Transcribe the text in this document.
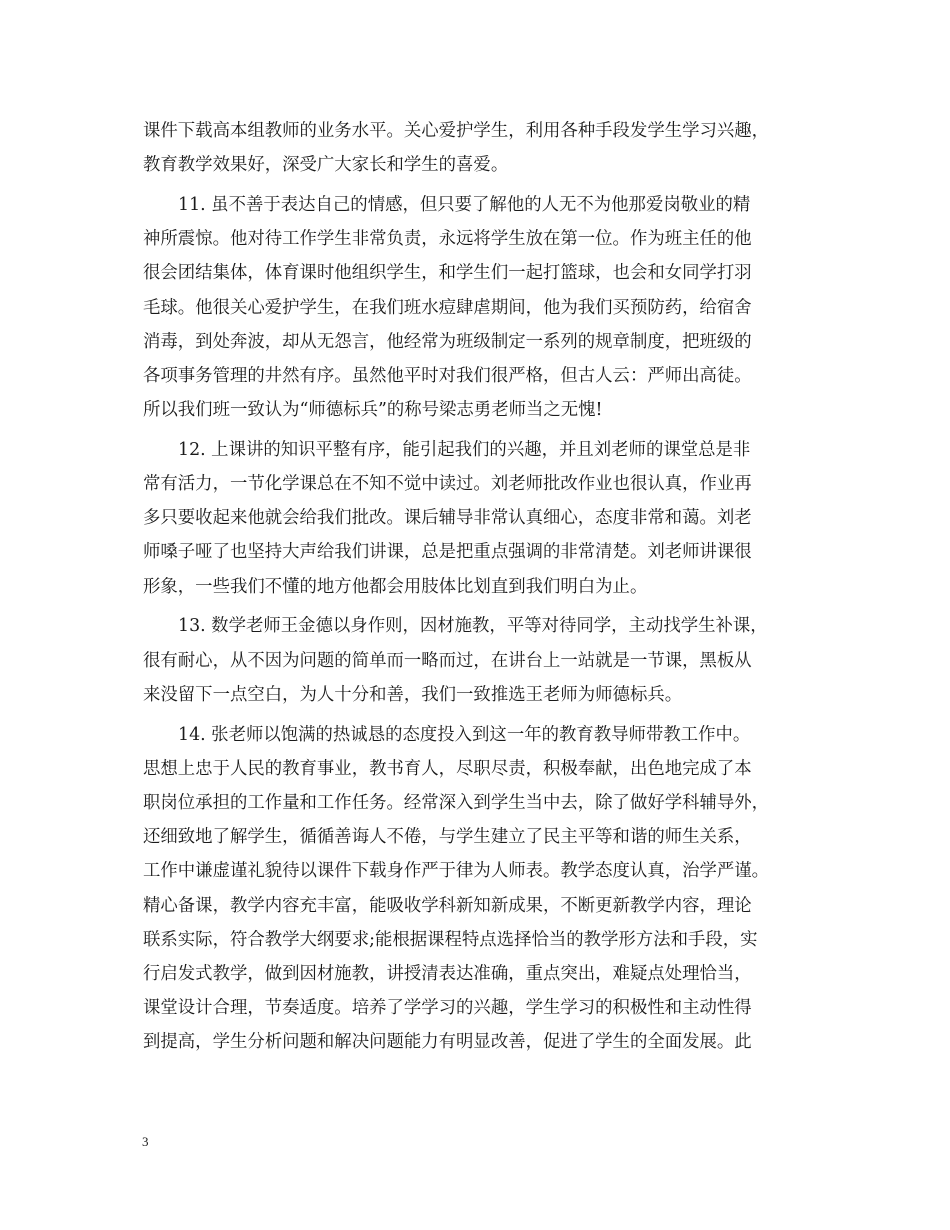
课件下载高本组教师的业务水平。关心爱护学生，利用各种手段发学生学习兴趣，
教育教学效果好，深受广大家长和学生的喜爱。
11. 虽不善于表达自己的情感，但只要了解他的人无不为他那爱岗敬业的精
神所震惊。他对待工作学生非常负责，永远将学生放在第一位。作为班主任的他
很会团结集体，体育课时他组织学生，和学生们一起打篮球，也会和女同学打羽
毛球。他很关心爱护学生，在我们班水痘肆虐期间，他为我们买预防药，给宿舍
消毒，到处奔波，却从无怨言，他经常为班级制定一系列的规章制度，把班级的
各项事务管理的井然有序。虽然他平时对我们很严格，但古人云：严师出高徒。
所以我们班一致认为“师德标兵”的称号梁志勇老师当之无愧!
12. 上课讲的知识平整有序，能引起我们的兴趣，并且刘老师的课堂总是非
常有活力，一节化学课总在不知不觉中读过。刘老师批改作业也很认真，作业再
多只要收起来他就会给我们批改。课后辅导非常认真细心，态度非常和蔼。刘老
师嗓子哑了也坚持大声给我们讲课，总是把重点强调的非常清楚。刘老师讲课很
形象，一些我们不懂的地方他都会用肢体比划直到我们明白为止。
13. 数学老师王金德以身作则，因材施教，平等对待同学，主动找学生补课，
很有耐心，从不因为问题的简单而一略而过，在讲台上一站就是一节课，黑板从
来没留下一点空白，为人十分和善，我们一致推选王老师为师德标兵。
14. 张老师以饱满的热诚恳的态度投入到这一年的教育教导师带教工作中。
思想上忠于人民的教育事业，教书育人，尽职尽责，积极奉献，出色地完成了本
职岗位承担的工作量和工作任务。经常深入到学生当中去，除了做好学科辅导外，
还细致地了解学生，循循善诲人不倦，与学生建立了民主平等和谐的师生关系，
工作中谦虚谨礼貌待以课件下载身作严于律为人师表。教学态度认真，治学严谨。
精心备课，教学内容充丰富，能吸收学科新知新成果，不断更新教学内容，理论
联系实际，符合教学大纲要求;能根据课程特点选择恰当的教学形方法和手段，实
行启发式教学，做到因材施教，讲授清表达准确，重点突出，难疑点处理恰当，
课堂设计合理，节奏适度。培养了学学习的兴趣，学生学习的积极性和主动性得
到提高，学生分析问题和解决问题能力有明显改善，促进了学生的全面发展。此
3
